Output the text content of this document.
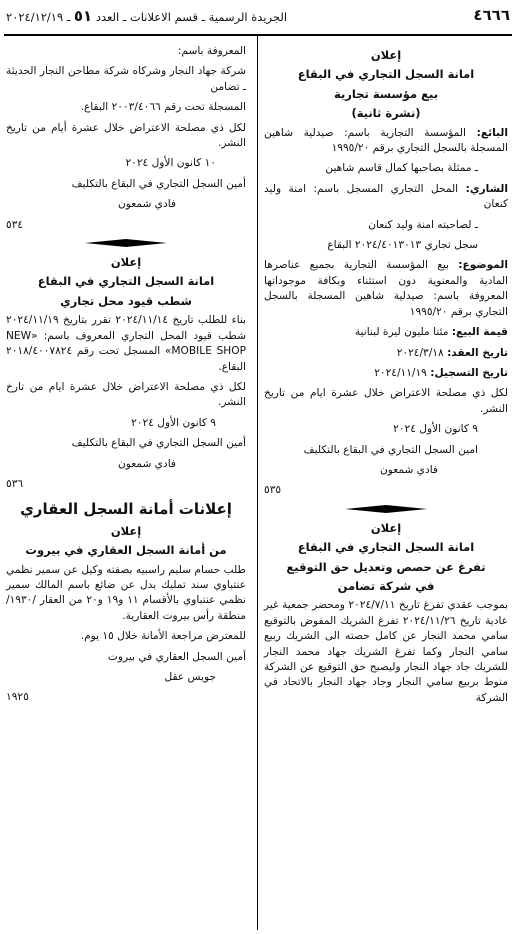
٤٦٦٦
الجريدة الرسمية ـ قسم الاعلانات ـ العدد ٥١ ـ ٢٠٢٤/١٢/١٩
إعلان
امانة السجل التجاري في البقاع
بيع مؤسسة تجارية
(نشرة ثانية)

البائع: المؤسسة التجارية باسم: صيدلية شاهين المسجلة بالسجل التجاري برقم ١٩٩٥/٢٠

ـ ممثلة بصاحبها كمال قاسم شاهين

الشاري: المحل التجاري المسجل باسم: امنة وليد كنعان

ـ لصاحبته امنة وليد كنعان

سجل تجاري ٢٠٢٤/٤٠١٣٠١٣ البقاع

الموضوع: بيع المؤسسة التجارية بجميع عناصرها المادية والمعنوية دون استثناء وبكافة موجوداتها المعروفة باسم: صيدلية شاهين المسجلة بالسجل التجاري برقم ١٩٩٥/٢٠

قيمة البيع: مئتا مليون ليرة لبنانية

تاريخ العقد: ٢٠٢٤/٣/١٨

تاريخ التسجيل: ٢٠٢٤/١١/١٩

لكل ذي مصلحة الاعتراض خلال عشرة ايام من تاريخ النشر.

٩ كانون الأول ٢٠٢٤

امين السجل التجاري في البقاع بالتكليف

فادي شمعون

٥٣٥
إعلان
امانة السجل التجاري في البقاع
تفرغ عن حصص وتعديل حق التوقيع
في شركة تضامن

بموجب عقدي تفرغ تاريخ ٢٠٢٤/٧/١١ ومحضر جمعية غير عادية تاريخ ٢٠٢٤/١١/٢٦ تفرغ الشريك المفوض بالتوقيع سامي محمد النجار عن كامل حصته الى الشريك ربيع سامي النجار وكما تفرغ الشريك جهاد محمد النجار للشريك جاد جهاد النجار وليصبح حق التوقيع عن الشركة منوط بربيع سامي النجار وجاد جهاد النجار بالاتحاد في الشركة

المعروفة باسم:

شركة جهاد النجار وشركاه شركة مطاحن النجار الحديثة ـ تضامن

المسجلة تحت رقم ٢٠٠٣/٤٠٦٦ البقاع.

لكل ذي مصلحة الاعتراض خلال عشرة أيام من تاريخ النشر.

١٠ كانون الأول ٢٠٢٤

أمين السجل التجاري في البقاع بالتكليف

فادي شمعون

٥٣٤
إعلان
امانة السجل التجاري في البقاع
شطب قيود محل تجاري

بناء للطلب تاريخ ٢٠٢٤/١١/١٤ تقرر بتاريخ ٢٠٢٤/١١/١٩ شطب قيود المحل التجاري المعروف باسم: «NEW MOBILE SHOP» المسجل تحت رقم ٢٠١٨/٤٠٠٧٨٢٤ البقاع.

لكل ذي مصلحة الاعتراض خلال عشرة ايام من تارخ النشر.

٩ كانون الأول ٢٠٢٤

أمين السجل التجاري في البقاع بالتكليف

فادي شمعون

٥٣٦
إعلانات أمانة السجل العقاري
إعلان
من أمانة السجل العقاري في بيروت

طلب حسام سليم راسبيه بصفته وكيل عن سمير نظمي عنتباوي سند تمليك بدل عن ضائع باسم المالك سمير نظمي عنتباوي بالأقسام ١١ و١٩ و٢٠ من العقار /١٩٣٠/ منطقة رأس بيروت العقارية.

للمعترض مراجعة الأمانة خلال ١٥ يوم.

أمين السجل العقاري في بيروت

جويس عقل

١٩٢٥
